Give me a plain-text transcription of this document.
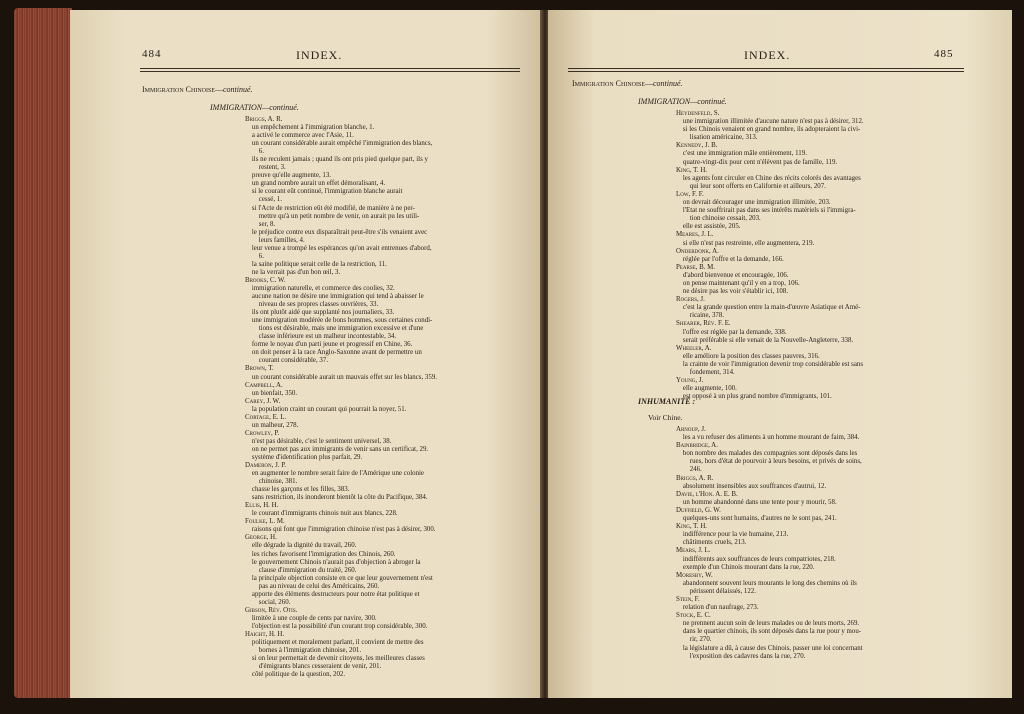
484	INDEX.
Immigration Chinoise—continué.
IMMIGRATION—continué.
Briggs, A. R.
un empêchement à l'immigration blanche, 1.
a activé le commerce avec l'Asie, 11.
un courant considérable aurait empêché l'immigration des blancs,
6.
ils ne reculent jamais ; quand ils ont pris pied quelque part, ils y
restent, 3.
preuve qu'elle augmente, 13.
un grand nombre aurait un effet démoralisant, 4.
si le courant eût continué, l'immigration blanche aurait
cessé, 1.
si l'Acte de restriction eût été modifié, de manière à ne per-
mettre qu'à un petit nombre de venir, on aurait pu les utili-
ser, 8.
le préjudice contre eux disparaîtrait peut-être s'ils venaient avec
leurs familles, 4.
leur venue a trompé les espérances qu'on avait entrenues d'abord,
6.
la saine politique serait celle de la restriction, 11.
ne la verrait pas d'un bon œil, 3.
Brooks, C. W.
immigration naturelle, et commerce des coolies, 32.
aucune nation ne désire une immigration qui tend à abaisser le
niveau de ses propres classes ouvrières, 33.
ils ont plutôt aidé que supplanté nos journaliers, 33.
une immigration modérée de bons hommes, sous certaines condi-
tions est désirable, mais une immigration excessive et d'une
classe inférieure est un malheur incontestable, 34.
forme le noyau d'un parti jeune et progressif en Chine, 36.
on doit penser à la race Anglo-Saxonne avant de permettre un
courant considérable, 37.
Brown, T.
un courant considérable aurait un mauvais effet sur les blancs, 359.
Campbell, A.
un bienfait, 350.
Carey, J. W.
la population craint un courant qui pourrait la noyer, 51.
Cortage, E. L.
un malheur, 278.
Crowley, P.
n'est pas désirable, c'est le sentiment universel, 38.
on ne permet pas aux immigrants de venir sans un certificat, 29.
système d'identification plus parfait, 29.
Dameron, J. P.
en augmenter le nombre serait faire de l'Amérique une colonie
chinoise, 381.
chasse les garçons et les filles, 383.
sans restriction, ils inonderont bientôt la côte du Pacifique, 384.
Ellis, H. H.
le courant d'immigrants chinois nuit aux blancs, 228.
Foulke, L. M.
raisons qui font que l'immigration chinoise n'est pas à désirer, 300.
George, H.
elle dégrade la dignité du travail, 260.
les riches favorisent l'immigration des Chinois, 260.
le gouvernement Chinois n'aurait pas d'objection à abroger la
clause d'immigration du traité, 260.
la principale objection consiste en ce que leur gouvernement n'est
pas au niveau de celui des Américains, 260.
apporte des éléments destructeurs pour notre état politique et
social, 260.
Gibson, Rév. Otis.
limitée à une couple de cents par navire, 300.
l'objection est la possibilité d'un courant trop considérable, 300.
Haight, H. H.
politiquement et moralement parlant, il convient de mettre des
bornes à l'immigration chinoise, 201.
si on leur permettait de devenir citoyens, les meilleures classes
d'émigrants blancs cesseraient de venir, 201.
côté politique de la question, 202.
INDEX.	485
Immigration Chinoise—continué.
IMMIGRATION—continué.
Heydenfeld, S.
une immigration illimitée d'aucune nature n'est pas à désirer, 312.
si les Chinois venaient en grand nombre, ils adopteraient la civi-
lisation américaine, 313.
Kennedy, J. B.
c'est une immigration mâle entièrement, 119.
quatre-vingt-dix pour cent n'élèvent pas de famille, 119.
King, T. H.
les agents font circuler en Chine des récits colorés des avantages
qui leur sont offerts en Californie et ailleurs, 207.
Low, F. F.
on devrait décourager une immigration illimitée, 203.
l'Etat ne souffrirait pas dans ses intérêts matériels si l'immigra-
tion chinoise cessait, 203.
elle est assistée, 205.
Meares, J. L.
si elle n'est pas restreinte, elle augmentera, 219.
Onderdonk, A.
réglée par l'offre et la demande, 166.
Pearse, B. M.
d'abord bienvenue et encouragée, 106.
on pense maintenant qu'il y en a trop, 106.
ne désire pas les voir s'établir ici, 108.
Rogers, J.
c'est la grande question entre la main-d'œuvre Asiatique et Amé-
ricaine, 378.
Shearer, Rév. F. E.
l'offre est réglée par la demande, 338.
serait préférable si elle venait de la Nouvelle-Angleterre, 338.
Wheeler, A.
elle améliore la position des classes pauvres, 316.
la crainte de voir l'immigration devenir trop considérable est sans
fondement, 314.
Young, J.
elle augmente, 100.
est opposé à un plus grand nombre d'immigrants, 101.
INHUMANITÉ :
Voir Chine.
Arnoup, J.
les a vu refuser des aliments à un homme mourant de faim, 384.
Bainbridge, A.
bon nombre des malades des compagnies sont déposés dans les
rues, hors d'état de pourvoir à leurs besoins, et privés de soins,
246.
Briggs, A. R.
absolument insensibles aux souffrances d'autrui, 12.
Davie, l'Hon. A. E. B.
un homme abandonné dans une tente pour y mourir, 58.
Duffield, G. W.
quelques-uns sont humains, d'autres ne le sont pas, 241.
King, T. H.
indifférence pour la vie humaine, 213.
châtiments cruels, 213.
Mears, J. L.
indifférents aux souffrances de leurs compatriotes, 218.
exemple d'un Chinois mourant dans la rue, 220.
Moresby, W.
abandonnent souvent leurs mourants le long des chemins où ils
périssent délaissés, 122.
Stein, F.
relation d'un naufrage, 273.
Stock, E. C.
ne prennent aucun soin de leurs malades ou de leurs morts, 269.
dans le quartier chinois, ils sont déposés dans la rue pour y mou-
rir, 270.
la législature a dû, à cause des Chinois, passer une loi concernant
l'exposition des cadavres dans la rue, 270.
